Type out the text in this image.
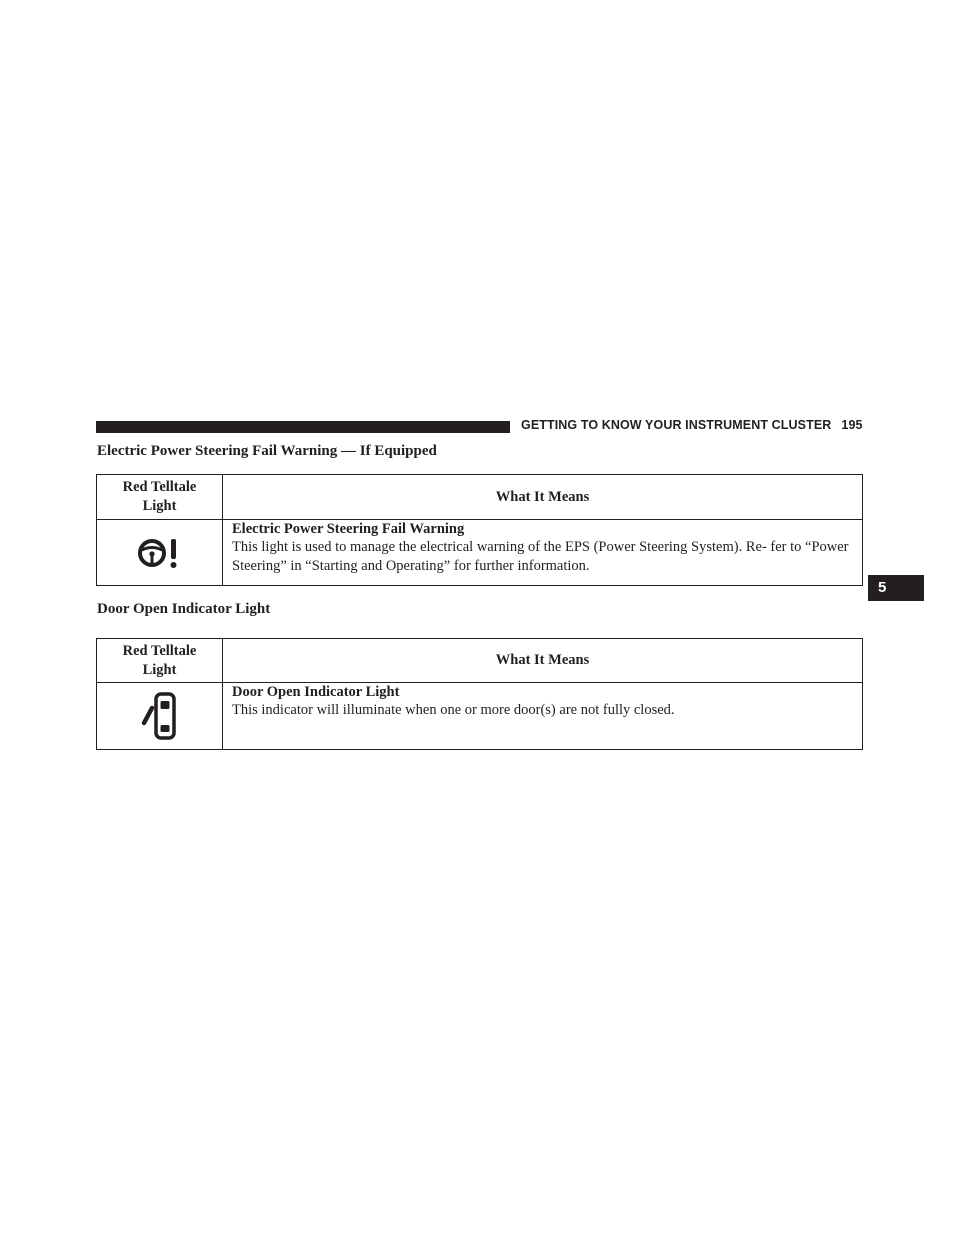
GETTING TO KNOW YOUR INSTRUMENT CLUSTER 195
5
Electric Power Steering Fail Warning — If Equipped
Red Telltale Light	What It Means

Electric Power Steering Fail Warning
This light is used to manage the electrical warning of the EPS (Power Steering System). Re- fer to “Power Steering” in “Starting and Operating” for further information.
Door Open Indicator Light
Red Telltale Light	What It Means

Door Open Indicator Light
This indicator will illuminate when one or more door(s) are not fully closed.
